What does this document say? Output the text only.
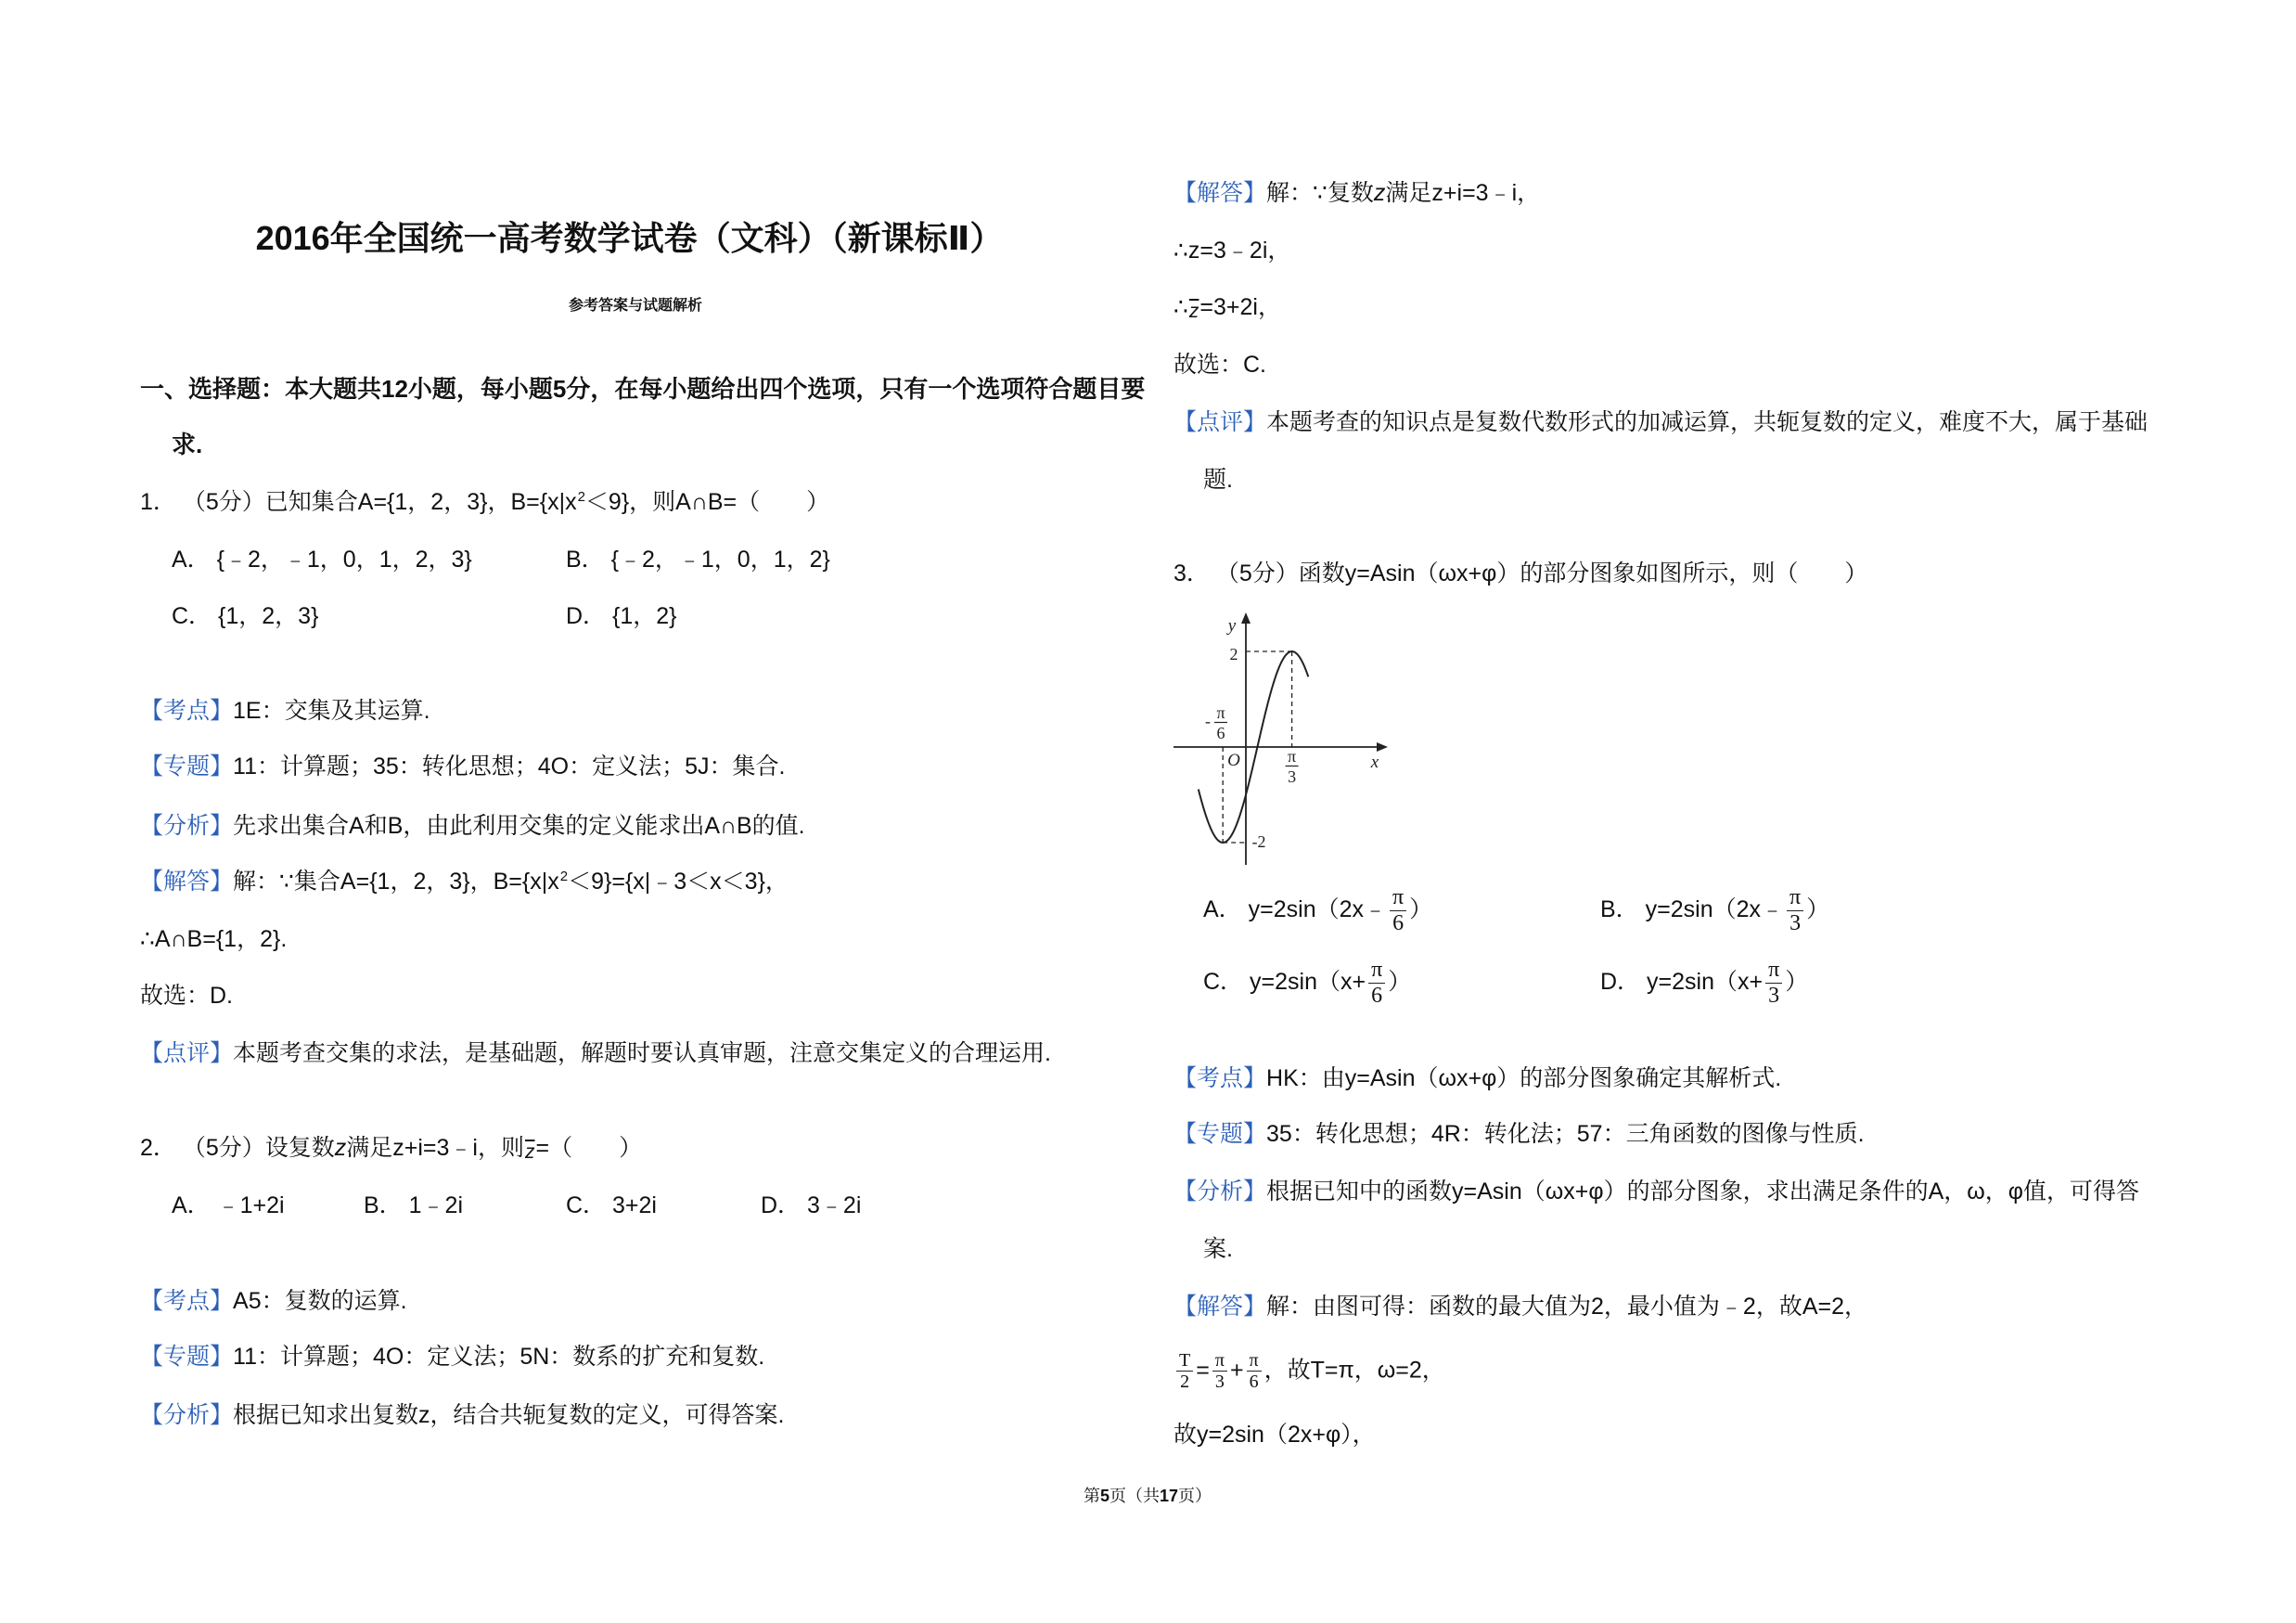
2016年全国统一高考数学试卷（文科）（新课标Ⅱ）
参考答案与试题解析
一、选择题：本大题共12小题，每小题5分，在每小题给出四个选项，只有一个选项符合题目要
求.
1． （5分）已知集合A={1，2，3}，$B=\{x|x^2<9\}$，则A∩B=（　　）
A． {﹣2，﹣1，0，1，2，3}	B． {﹣2，﹣1，0，1，2}
C． {1，2，3}	D． {1，2}
【考点】1E：交集及其运算.
【专题】11：计算题；35：转化思想；4O：定义法；5J：集合.
【分析】先求出集合A和B，由此利用交集的定义能求出A∩B的值.
【解答】解：∵集合A={1，2，3}，$B=\{x|x^2<9\}=\{x|﹣3<x<3\}$，
∴A∩B={1，2}.
故选：D.
【点评】本题考查交集的求法，是基础题，解题时要认真审题，注意交集定义的合理运用.
2． （5分）设复数z满足z+i=3﹣i，则$\overline{z}=$（　　）
A． ﹣1+2i	B． 1﹣2i	C． 3+2i	D． 3﹣2i
【考点】A5：复数的运算.
【专题】11：计算题；4O：定义法；5N：数系的扩充和复数.
【分析】根据已知求出复数z，结合共轭复数的定义，可得答案.
【解答】解：∵复数z满足z+i=3﹣i，
∴z=3﹣2i，
$\therefore\overline{z}=3+2i$，
故选：C.
【点评】本题考查的知识点是复数代数形式的加减运算，共轭复数的定义，难度不大，属于基础
题.
3． （5分）函数y=Asin（ωx+φ）的部分图象如图所示，则（　　）
y
x
O
2
-2
- π
6
π
3
A． y=2sin（2x﹣ $\frac{\pi}{6}$ ）	B． y=2sin（2x﹣ $\frac{\pi}{3}$ ）
C． $y=2\sin(x+ \frac{\pi}{6}$ ）	D． $y=2\sin(x+ \frac{\pi}{3}$ ）
【考点】HK：由y=Asin（ωx+φ）的部分图象确定其解析式.
【专题】35：转化思想；4R：转化法；57：三角函数的图像与性质.
【分析】根据已知中的函数y=Asin（ωx+φ）的部分图象，求出满足条件的A，ω，φ值，可得答
案.
【解答】解：由图可得：函数的最大值为2，最小值为﹣2，故A=2，
$\frac{T}{2} = \frac{\pi}{3} + \frac{\pi}{6}$ ，故T=π，ω=2，
故y=2sin（2x+φ），
第5页（共17页）
